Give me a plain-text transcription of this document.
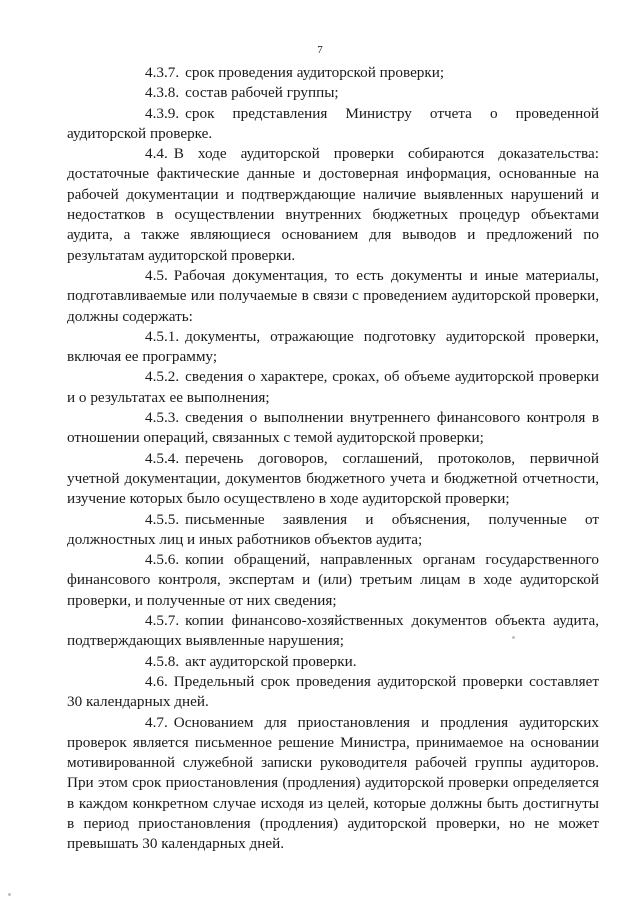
7

4.3.7. срок проведения аудиторской проверки;

4.3.8. состав рабочей группы;

4.3.9. срок представления Министру отчета о проведенной аудиторской проверке.

4.4. В ходе аудиторской проверки собираются доказательства: достаточные фактические данные и достоверная информация, основанные на рабочей документации и подтверждающие наличие выявленных нарушений и недостатков в осуществлении внутренних бюджетных процедур объектами аудита, а также являющиеся основанием для выводов и предложений по результатам аудиторской проверки.

4.5. Рабочая документация, то есть документы и иные материалы, подготавливаемые или получаемые в связи с проведением аудиторской проверки, должны содержать:

4.5.1. документы, отражающие подготовку аудиторской проверки, включая ее программу;

4.5.2. сведения о характере, сроках, об объеме аудиторской проверки и о результатах ее выполнения;

4.5.3. сведения о выполнении внутреннего финансового контроля в отношении операций, связанных с темой аудиторской проверки;

4.5.4. перечень договоров, соглашений, протоколов, первичной учетной документации, документов бюджетного учета и бюджетной отчетности, изучение которых было осуществлено в ходе аудиторской проверки;

4.5.5. письменные заявления и объяснения, полученные от должностных лиц и иных работников объектов аудита;

4.5.6. копии обращений, направленных органам государственного финансового контроля, экспертам и (или) третьим лицам в ходе аудиторской проверки, и полученные от них сведения;

4.5.7. копии финансово-хозяйственных документов объекта аудита, подтверждающих выявленные нарушения;

4.5.8. акт аудиторской проверки.

4.6. Предельный срок проведения аудиторской проверки составляет 30 календарных дней.

4.7. Основанием для приостановления и продления аудиторских проверок является письменное решение Министра, принимаемое на основании мотивированной служебной записки руководителя рабочей группы аудиторов. При этом срок приостановления (продления) аудиторской проверки определяется в каждом конкретном случае исходя из целей, которые должны быть достигнуты в период приостановления (продления) аудиторской проверки, но не может превышать 30 календарных дней.
